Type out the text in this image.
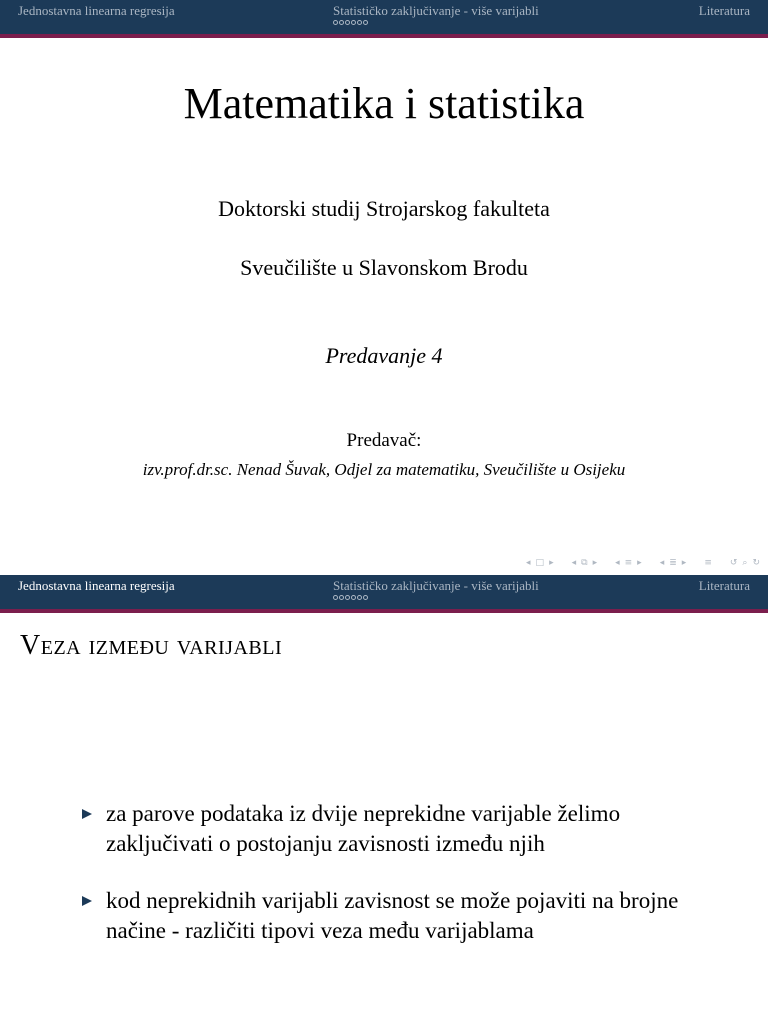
Jednostavna linearna regresija	Statističko zaključivanje - više varijabli	Literatura
Matematika i statistika
Doktorski studij Strojarskog fakulteta
Sveučilište u Slavonskom Brodu
Predavanje 4
Predavač:
izv.prof.dr.sc. Nenad Šuvak, Odjel za matematiku, Sveučilište u Osijeku
◂ □ ▸ ◂ ⧉ ▸ ◂ ≡ ▸ ◂ ≣ ▸ ≡ ↺ ⌕ ↻
Jednostavna linearna regresija	Statističko zaključivanje - više varijabli	Literatura
Veza između varijabli
za parove podataka iz dvije neprekidne varijable želimo zaključivati o postojanju zavisnosti između njih
kod neprekidnih varijabli zavisnost se može pojaviti na brojne načine - različiti tipovi veza među varijablama
